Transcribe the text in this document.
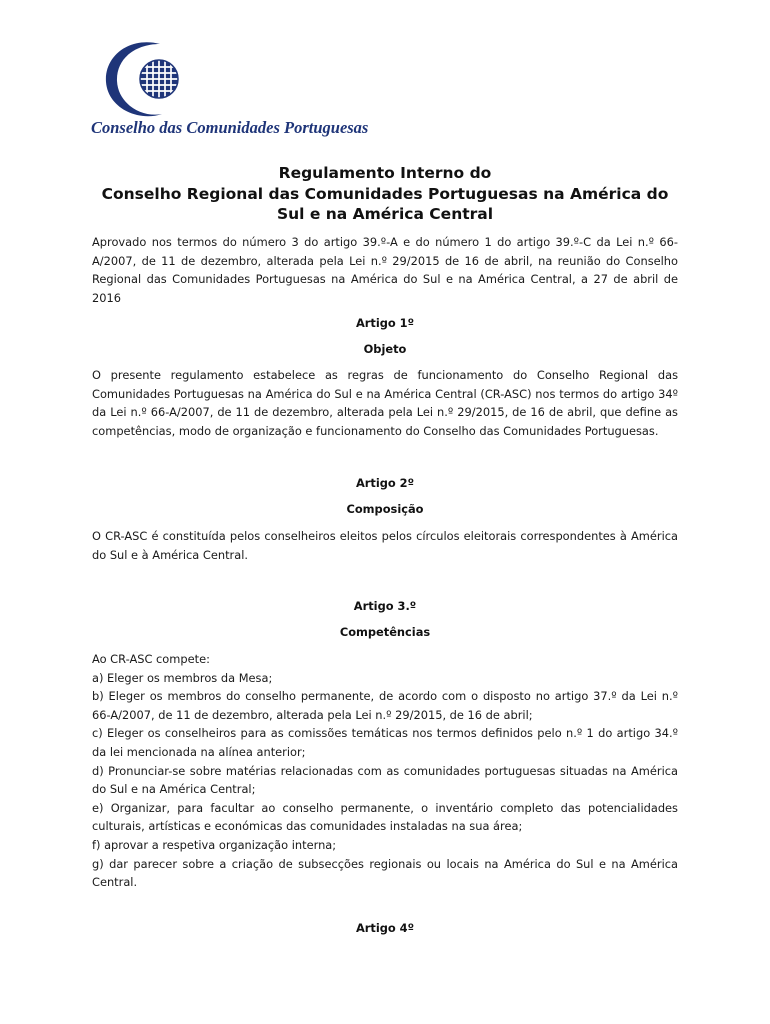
Conselho das Comunidades Portuguesas
Regulamento Interno do
Conselho Regional das Comunidades Portuguesas na América do
Sul e na América Central
Aprovado nos termos do número 3 do artigo 39.º-A e do número 1 do artigo 39.º-C da Lei n.º 66-A/2007, de 11 de dezembro, alterada pela Lei n.º 29/2015 de 16 de abril, na reunião do Conselho Regional das Comunidades Portuguesas na América do Sul e na América Central, a 27 de abril de 2016
Artigo 1º
Objeto
O presente regulamento estabelece as regras de funcionamento do Conselho Regional das Comunidades Portuguesas na América do Sul e na América Central (CR-ASC) nos termos do artigo 34º da Lei n.º 66-A/2007, de 11 de dezembro, alterada pela Lei n.º 29/2015, de 16 de abril, que define as competências, modo de organização e funcionamento do Conselho das Comunidades Portuguesas.
Artigo 2º
Composição
O CR-ASC é constituída pelos conselheiros eleitos pelos círculos eleitorais correspondentes à América do Sul e à América Central.
Artigo 3.º
Competências
Ao CR-ASC compete:
a) Eleger os membros da Mesa;
b) Eleger os membros do conselho permanente, de acordo com o disposto no artigo 37.º da Lei n.º 66-A/2007, de 11 de dezembro, alterada pela Lei n.º 29/2015, de 16 de abril;
c) Eleger os conselheiros para as comissões temáticas nos termos definidos pelo n.º 1 do artigo 34.º da lei mencionada na alínea anterior;
d) Pronunciar-se sobre matérias relacionadas com as comunidades portuguesas situadas na América do Sul e na América Central;
e) Organizar, para facultar ao conselho permanente, o inventário completo das potencialidades culturais, artísticas e económicas das comunidades instaladas na sua área;
f) aprovar a respetiva organização interna;
g) dar parecer sobre a criação de subsecções regionais ou locais na América do Sul e na América Central.
Artigo 4º
